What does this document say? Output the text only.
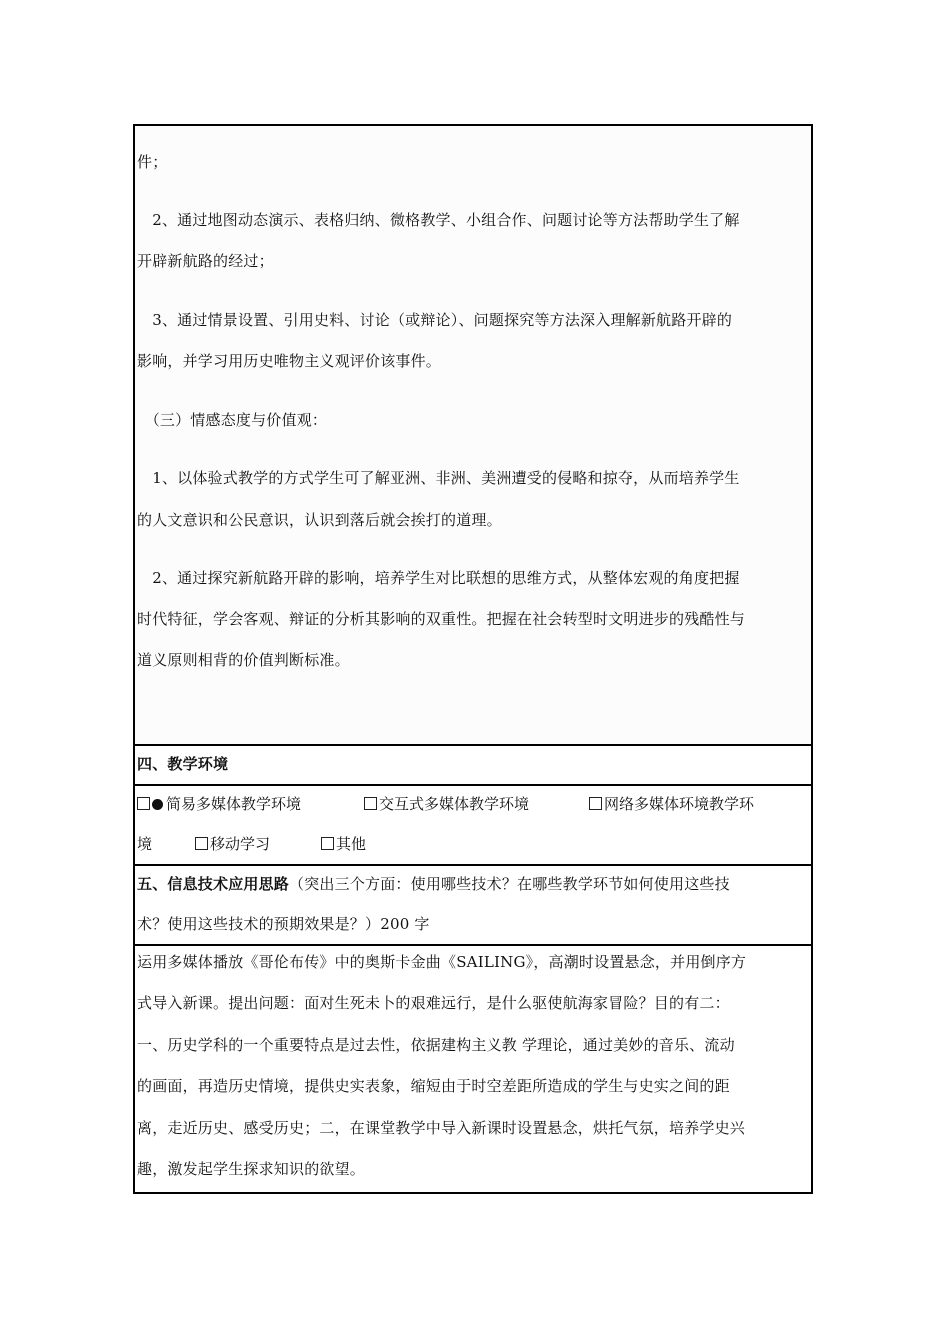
件；
　2、通过地图动态演示、表格归纳、微格教学、小组合作、问题讨论等方法帮助学生了解
开辟新航路的经过；
　3、通过情景设置、引用史料、讨论（或辩论）、问题探究等方法深入理解新航路开辟的
影响，并学习用历史唯物主义观评价该事件。
　（三）情感态度与价值观：
　1、以体验式教学的方式学生可了解亚洲、非洲、美洲遭受的侵略和掠夺，从而培养学生
的人文意识和公民意识，认识到落后就会挨打的道理。
　2、通过探究新航路开辟的影响，培养学生对比联想的思维方式，从整体宏观的角度把握
时代特征，学会客观、辩证的分析其影响的双重性。把握在社会转型时文明进步的残酷性与
道义原则相背的价值判断标准。
四、教学环境
简易多媒体教学环境	交互式多媒体教学环境	网络多媒体环境教学环
境	移动学习	其他
五、信息技术应用思路（突出三个方面：使用哪些技术？在哪些教学环节如何使用这些技
术？使用这些技术的预期效果是？）200 字
运用多媒体播放《哥伦布传》中的奥斯卡金曲《SAILING》，高潮时设置悬念，并用倒序方
式导入新课。提出问题：面对生死未卜的艰难远行，是什么驱使航海家冒险？目的有二：
一、历史学科的一个重要特点是过去性，依据建构主义教 学理论，通过美妙的音乐、流动
的画面，再造历史情境，提供史实表象，缩短由于时空差距所造成的学生与史实之间的距
离，走近历史、感受历史；二，在课堂教学中导入新课时设置悬念，烘托气氛，培养学史兴
趣，激发起学生探求知识的欲望。
